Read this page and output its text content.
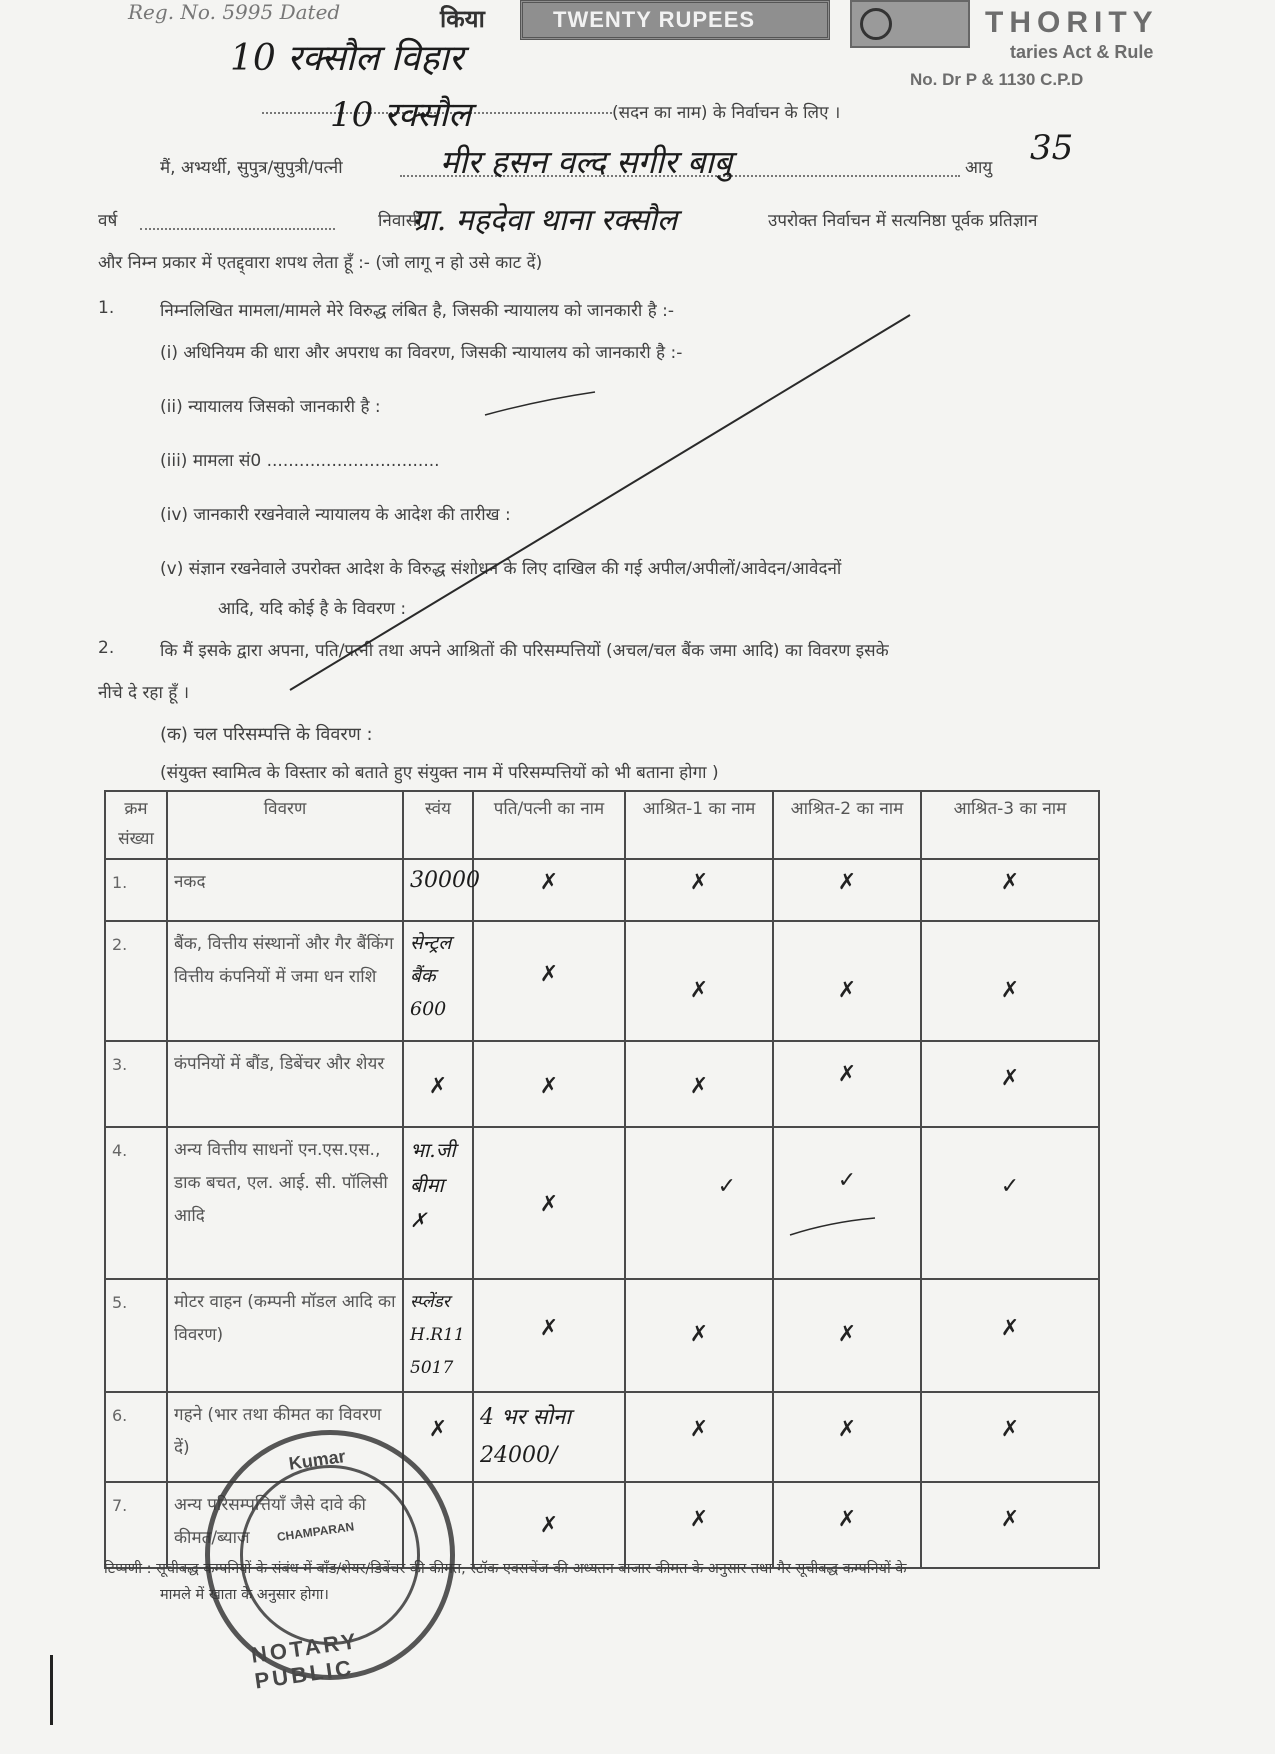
Reg. No. 5995 Dated	किया	TWENTY RUPEES	THORITY
taries Act & Rule
No. Dr P & 1130 C.P.D
10 रक्सौल विहार
10 रक्सौल	(सदन का नाम) के निर्वाचन के लिए ।
मैं, अभ्यर्थी, सुपुत्र/सुपुत्री/पत्नी	मीर हसन वल्द सगीर बाबु	आयु 35
वर्ष	निवासी
ग्रा. महदेवा थाना रक्सौल	उपरोक्त निर्वाचन में सत्यनिष्ठा पूर्वक प्रतिज्ञान
और निम्न प्रकार में एतद्द्वारा शपथ लेता हूँ :- (जो लागू न हो उसे काट दें)
1.	निम्नलिखित मामला/मामले मेरे विरुद्ध लंबित है, जिसकी न्यायालय को जानकारी है :-
(i) अधिनियम की धारा और अपराध का विवरण, जिसकी न्यायालय को जानकारी है :-
(ii) न्यायालय जिसको जानकारी है :
(iii) मामला सं0 ................................
(iv) जानकारी रखनेवाले न्यायालय के आदेश की तारीख :
(v) संज्ञान रखनेवाले उपरोक्त आदेश के विरुद्ध संशोधन के लिए दाखिल की गई अपील/अपीलों/आवेदन/आवेदनों
आदि, यदि कोई है के विवरण :
2.	कि मैं इसके द्वारा अपना, पति/पत्नी तथा अपने आश्रितों की परिसम्पत्तियों (अचल/चल बैंक जमा आदि) का विवरण इसके
नीचे दे रहा हूँ ।
(क) चल परिसम्पत्ति के विवरण :
(संयुक्त स्वामित्व के विस्तार को बताते हुए संयुक्त नाम में परिसम्पत्तियों को भी बताना होगा )
क्रम संख्या	विवरण	स्वंय	पति/पत्नी का नाम	आश्रित-1 का नाम	आश्रित-2 का नाम	आश्रित-3 का नाम
1.	नकद	30000	✗	✗	✗	✗

2.	बैंक, वित्तीय संस्थानों और गैर बैंकिंग वित्तीय कंपनियों में जमा धन राशि	सेन्ट्रल
बैंक
600	✗	✗	✗	✗

3.	कंपनियों में बौंड, डिबेंचर और शेयर	✗	✗	✗	✗	✗

4.	अन्य वित्तीय साधनों एन.एस.एस., डाक बचत, एल. आई. सी. पॉलिसी आदि	भा.जी
बीमा
✗	✗	✓	✓	✓

5.	मोटर वाहन (कम्पनी मॉडल आदि का विवरण)	स्प्लेंडर
H.R11
5017	✗	✗	✗	✗

6.	गहने (भार तथा कीमत का विवरण दें)	✗	4 भर सोना
24000/	✗	✗	✗

7.	अन्य परिसम्पत्तियाँ जैसे दावे की कीमत/ब्याज		✗	✗	✗	✗
टिप्पणी : सूचीबद्ध कम्पनियों के संबंध में बाँड/शेयर/डिबेंचर की कीमत, स्टॉक एक्सचेंज की अध्यतन बाजार कीमत के अनुसार तथा गैर सूचीबद्ध कम्पनियों के
मामले में खाता के अनुसार होगा।
Kumar
CHAMPARAN
NOTARY PUBLIC
